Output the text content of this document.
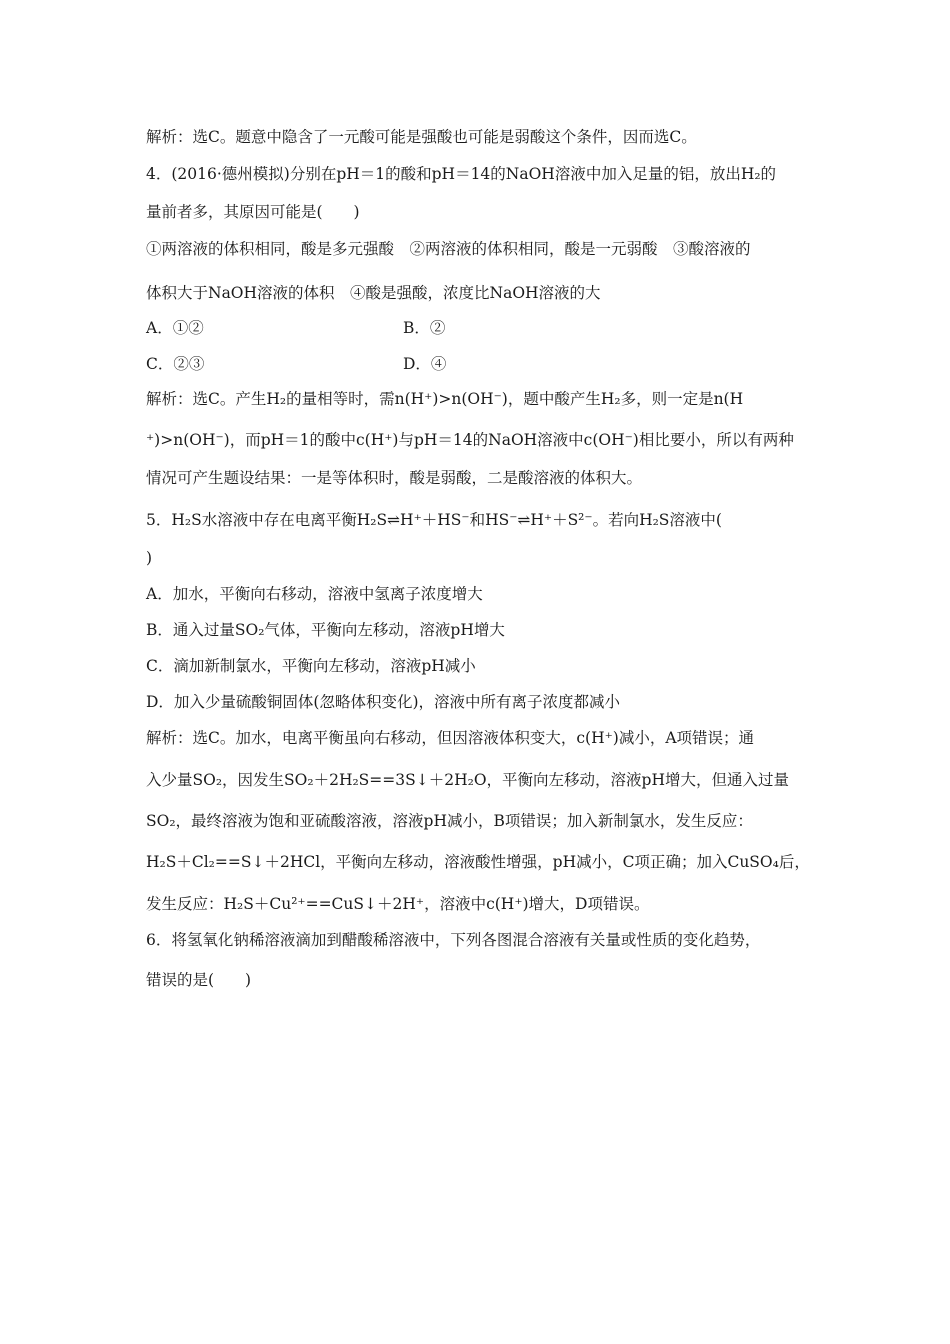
解析：选C。题意中隐含了一元酸可能是强酸也可能是弱酸这个条件，因而选C。
4．(2016·德州模拟)分别在pH＝1的酸和pH＝14的NaOH溶液中加入足量的铝，放出H₂的
量前者多，其原因可能是(　　)
①两溶液的体积相同，酸是多元强酸　②两溶液的体积相同，酸是一元弱酸　③酸溶液的
体积大于NaOH溶液的体积　④酸是强酸，浓度比NaOH溶液的大
A．①②	B．②
C．②③	D．④
解析：选C。产生H₂的量相等时，需n(H⁺)>n(OH⁻)，题中酸产生H₂多，则一定是n(H
⁺)>n(OH⁻)，而pH＝1的酸中c(H⁺)与pH＝14的NaOH溶液中c(OH⁻)相比要小，所以有两种
情况可产生题设结果：一是等体积时，酸是弱酸，二是酸溶液的体积大。
5．H₂S水溶液中存在电离平衡H₂S⇌H⁺＋HS⁻和HS⁻⇌H⁺＋S²⁻。若向H₂S溶液中(
)
A．加水，平衡向右移动，溶液中氢离子浓度增大
B．通入过量SO₂气体，平衡向左移动，溶液pH增大
C．滴加新制氯水，平衡向左移动，溶液pH减小
D．加入少量硫酸铜固体(忽略体积变化)，溶液中所有离子浓度都减小
解析：选C。加水，电离平衡虽向右移动，但因溶液体积变大，c(H⁺)减小，A项错误；通
入少量SO₂，因发生SO₂＋2H₂S==3S↓＋2H₂O，平衡向左移动，溶液pH增大，但通入过量
SO₂，最终溶液为饱和亚硫酸溶液，溶液pH减小，B项错误；加入新制氯水，发生反应：
H₂S＋Cl₂==S↓＋2HCl，平衡向左移动，溶液酸性增强，pH减小，C项正确；加入CuSO₄后，
发生反应：H₂S＋Cu²⁺==CuS↓＋2H⁺，溶液中c(H⁺)增大，D项错误。
6．将氢氧化钠稀溶液滴加到醋酸稀溶液中，下列各图混合溶液有关量或性质的变化趋势，
错误的是(　　)
